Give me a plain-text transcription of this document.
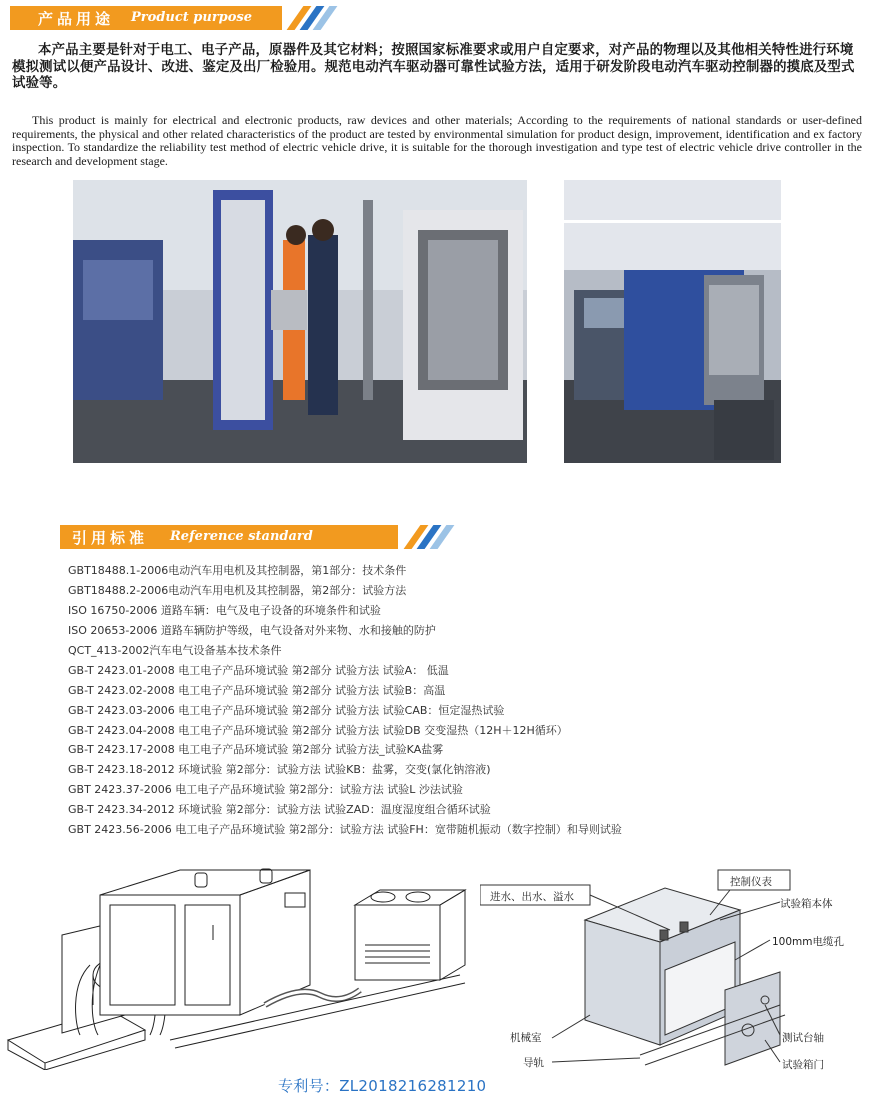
产品用途 Product purpose

本产品主要是针对于电工、电子产品，原器件及其它材料；按照国家标准要求或用户自定要求，对产品的物理以及其他相关特性进行环境模拟测试以便产品设计、改进、鉴定及出厂检验用。规范电动汽车驱动器可靠性试验方法，适用于研发阶段电动汽车驱动控制器的摸底及型式试验等。

This product is mainly for electrical and electronic products, raw devices and other materials; According to the requirements of national standards or user-defined requirements, the physical and other related characteristics of the product are tested by environmental simulation for product design, improvement, identification and ex factory inspection. To standardize the reliability test method of electric vehicle drive, it is suitable for the thorough investigation and type test of electric vehicle drive controller in the research and development stage.

引用标准 Reference standard
GBT18488.1-2006电动汽车用电机及其控制器，第1部分：技术条件
GBT18488.2-2006电动汽车用电机及其控制器，第2部分：试验方法
ISO 16750-2006 道路车辆：电气及电子设备的环境条件和试验
ISO 20653-2006 道路车辆防护等级，电气设备对外来物、水和接触的防护
QCT_413-2002汽车电气设备基本技术条件
GB-T 2423.01-2008 电工电子产品环境试验 第2部分 试验方法 试验A： 低温
GB-T 2423.02-2008 电工电子产品环境试验 第2部分 试验方法 试验B：高温
GB-T 2423.03-2006 电工电子产品环境试验 第2部分 试验方法 试验CAB：恒定湿热试验
GB-T 2423.04-2008 电工电子产品环境试验 第2部分 试验方法 试验DB 交变湿热（12H＋12H循环）
GB-T 2423.17-2008 电工电子产品环境试验 第2部分 试验方法_试验KA盐雾
GB-T 2423.18-2012 环境试验 第2部分：试验方法 试验KB：盐雾，交变(氯化钠溶液)
GBT 2423.37-2006 电工电子产品环境试验 第2部分：试验方法 试验L 沙法试验
GB-T 2423.34-2012 环境试验 第2部分：试验方法 试验ZAD：温度湿度组合循环试验
GBT 2423.56-2006 电工电子产品环境试验 第2部分：试验方法 试验FH：宽带随机振动（数字控制）和导则试验
进水、出水、溢水
控制仪表
试验箱本体
100mm电缆孔
机械室
导轨
测试台轴
试验箱门
专利号：ZL2018216281210
